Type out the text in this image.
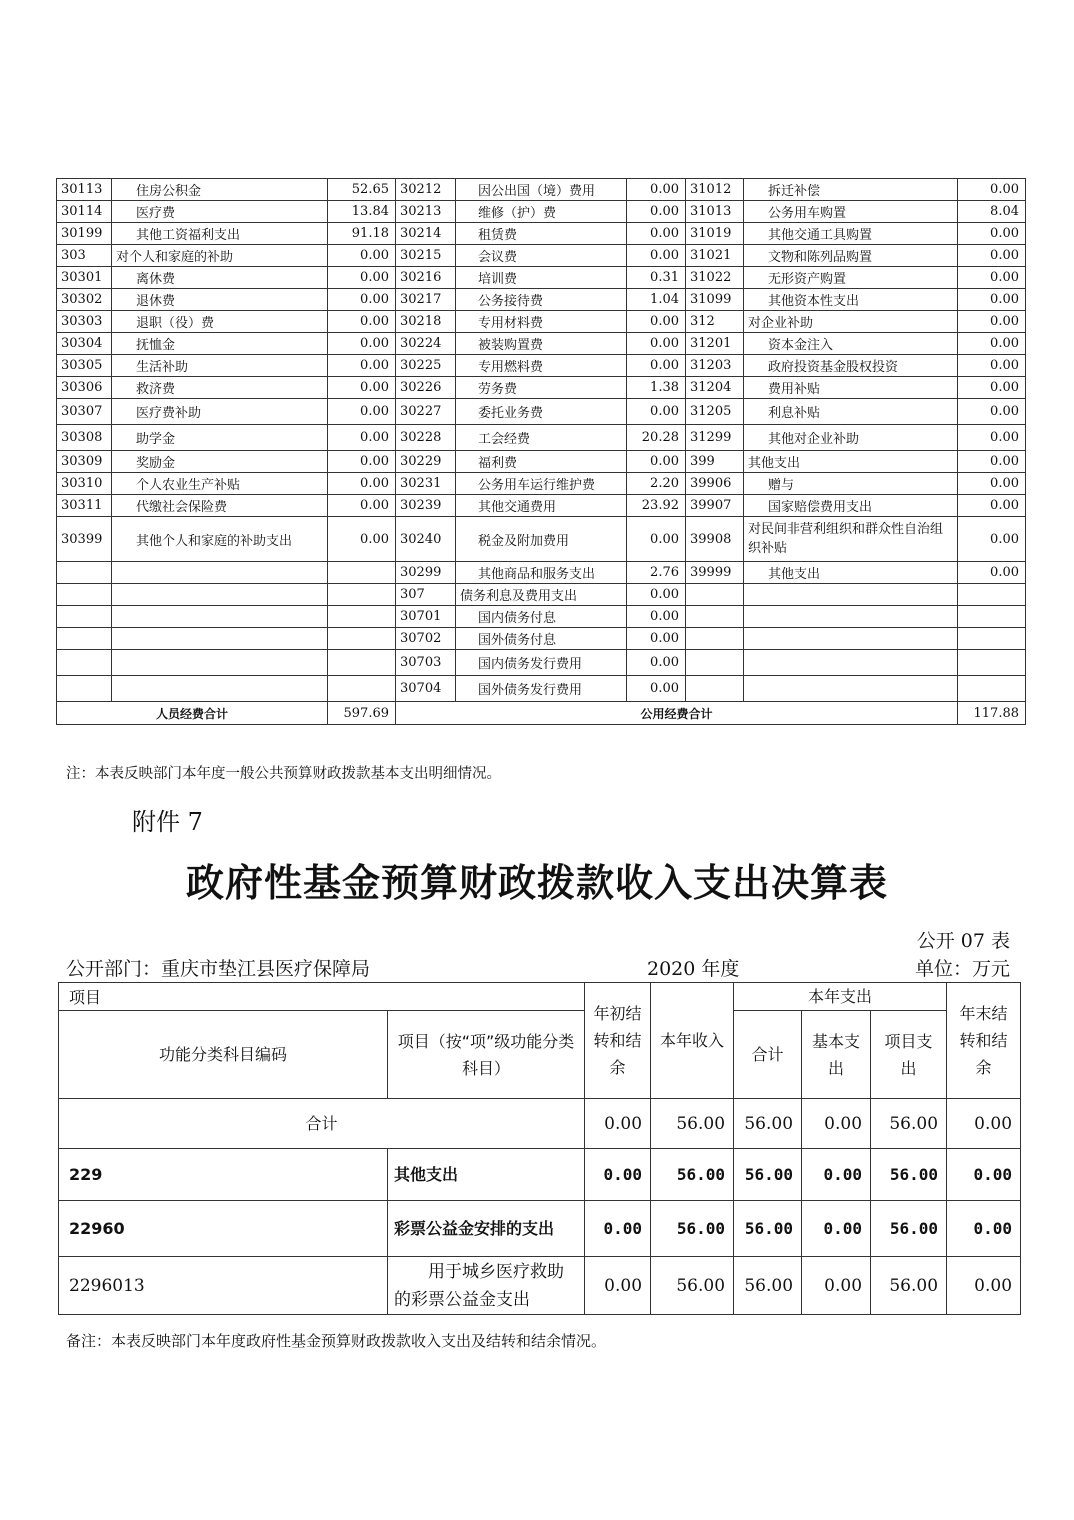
30113	住房公积金	52.65	30212	因公出国（境）费用	0.00	31012	拆迁补偿	0.00
30114	医疗费	13.84	30213	维修（护）费	0.00	31013	公务用车购置	8.04
30199	其他工资福利支出	91.18	30214	租赁费	0.00	31019	其他交通工具购置	0.00
303	对个人和家庭的补助	0.00	30215	会议费	0.00	31021	文物和陈列品购置	0.00
30301	离休费	0.00	30216	培训费	0.31	31022	无形资产购置	0.00
30302	退休费	0.00	30217	公务接待费	1.04	31099	其他资本性支出	0.00
30303	退职（役）费	0.00	30218	专用材料费	0.00	312	对企业补助	0.00
30304	抚恤金	0.00	30224	被装购置费	0.00	31201	资本金注入	0.00
30305	生活补助	0.00	30225	专用燃料费	0.00	31203	政府投资基金股权投资	0.00
30306	救济费	0.00	30226	劳务费	1.38	31204	费用补贴	0.00
30307	医疗费补助	0.00	30227	委托业务费	0.00	31205	利息补贴	0.00
30308	助学金	0.00	30228	工会经费	20.28	31299	其他对企业补助	0.00
30309	奖励金	0.00	30229	福利费	0.00	399	其他支出	0.00
30310	个人农业生产补贴	0.00	30231	公务用车运行维护费	2.20	39906	赠与	0.00
30311	代缴社会保险费	0.00	30239	其他交通费用	23.92	39907	国家赔偿费用支出	0.00
30399	其他个人和家庭的补助支出	0.00	30240	税金及附加费用	0.00	39908	对民间非营利组织和群众性自治组织补贴	0.00
			30299	其他商品和服务支出	2.76	39999	其他支出	0.00
			307	债务利息及费用支出	0.00			
			30701	国内债务付息	0.00			
			30702	国外债务付息	0.00			
			30703	国内债务发行费用	0.00			
			30704	国外债务发行费用	0.00			
人员经费合计		597.69	公用经费合计					117.88
注：本表反映部门本年度一般公共预算财政拨款基本支出明细情况。
附件 7
政府性基金预算财政拨款收入支出决算表
公开 07 表
公开部门：重庆市垫江县医疗保障局	2020 年度	单位：万元
项目		年初结转和结余	本年收入	本年支出			年末结转和结余
功能分类科目编码	项目（按“项”级功能分类科目）			合计	基本支出	项目支出	
合计		0.00	56.00	56.00	0.00	56.00	0.00
229	其他支出	0.00	56.00	56.00	0.00	56.00	0.00
22960	彩票公益金安排的支出	0.00	56.00	56.00	0.00	56.00	0.00
2296013	用于城乡医疗救助的彩票公益金支出	0.00	56.00	56.00	0.00	56.00	0.00
备注：本表反映部门本年度政府性基金预算财政拨款收入支出及结转和结余情况。
